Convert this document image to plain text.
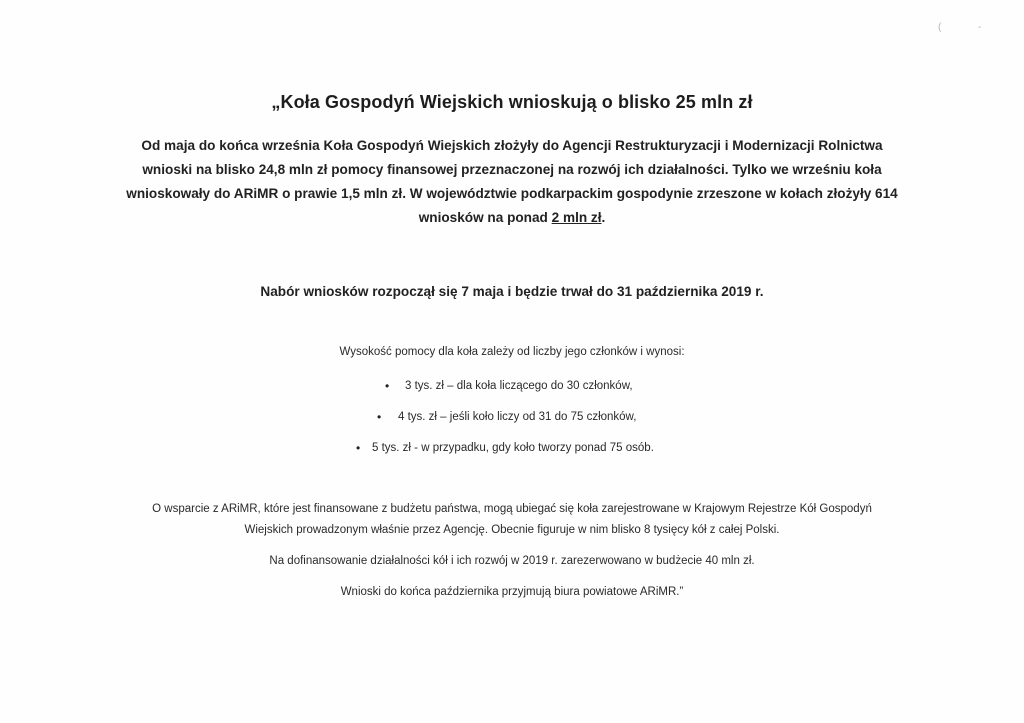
(	-
„Koła Gospodyń Wiejskich wnioskują o blisko 25 mln zł
Od maja do końca września Koła Gospodyń Wiejskich złożyły do Agencji Restrukturyzacji i Modernizacji Rolnictwa
wnioski na blisko 24,8 mln zł pomocy finansowej przeznaczonej na rozwój ich działalności. Tylko we wrześniu koła
wnioskowały do ARiMR o prawie 1,5 mln zł. W województwie podkarpackim gospodynie zrzeszone w kołach złożyły 614
wniosków na ponad 2 mln zł.
Nabór wniosków rozpoczął się 7 maja i będzie trwał do 31 października 2019 r.
Wysokość pomocy dla koła zależy od liczby jego członków i wynosi:
• 3 tys. zł – dla koła liczącego do 30 członków,
• 4 tys. zł – jeśli koło liczy od 31 do 75 członków,
• 5 tys. zł - w przypadku, gdy koło tworzy ponad 75 osób.
O wsparcie z ARiMR, które jest finansowane z budżetu państwa, mogą ubiegać się koła zarejestrowane w Krajowym Rejestrze Kół Gospodyń
Wiejskich prowadzonym właśnie przez Agencję. Obecnie figuruje w nim blisko 8 tysięcy kół z całej Polski.
Na dofinansowanie działalności kół i ich rozwój w 2019 r. zarezerwowano w budżecie 40 mln zł.
Wnioski do końca października przyjmują biura powiatowe ARiMR.”
